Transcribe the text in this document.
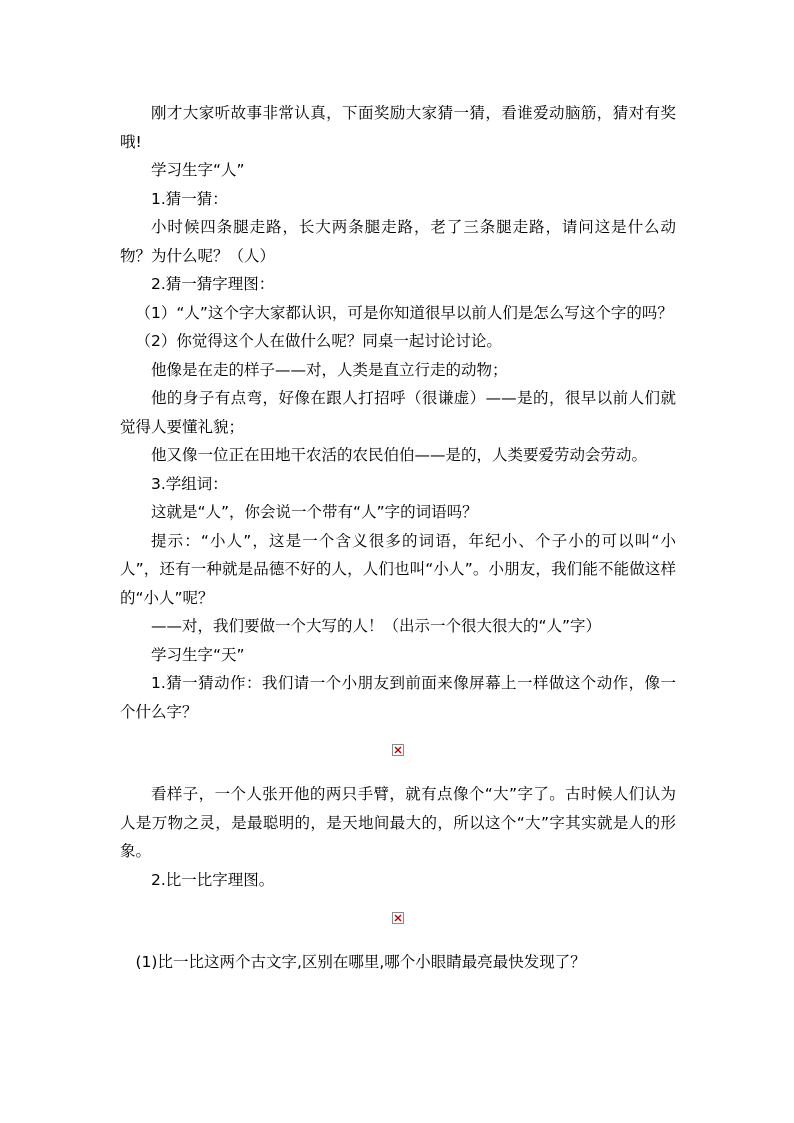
刚才大家听故事非常认真，下面奖励大家猜一猜，看谁爱动脑筋，猜对有奖哦!

学习生字“人”

1.猜一猜：

小时候四条腿走路，长大两条腿走路，老了三条腿走路，请问这是什么动物？为什么呢？（人）

2.猜一猜字理图：

（1）“人”这个字大家都认识，可是你知道很早以前人们是怎么写这个字的吗？

（2）你觉得这个人在做什么呢？同桌一起讨论讨论。

他像是在走的样子——对，人类是直立行走的动物；

他的身子有点弯，好像在跟人打招呼（很谦虚）——是的，很早以前人们就觉得人要懂礼貌；

他又像一位正在田地干农活的农民伯伯——是的，人类要爱劳动会劳动。

3.学组词：

这就是“人”，你会说一个带有“人”字的词语吗？

提示：“小人”，这是一个含义很多的词语，年纪小、个子小的可以叫“小人”，还有一种就是品德不好的人，人们也叫“小人”。小朋友，我们能不能做这样的“小人”呢？

——对，我们要做一个大写的人！（出示一个很大很大的“人”字）

学习生字“天”

1.猜一猜动作：我们请一个小朋友到前面来像屏幕上一样做这个动作，像一个什么字？

看样子，一个人张开他的两只手臂，就有点像个“大”字了。古时候人们认为人是万物之灵，是最聪明的，是天地间最大的，所以这个“大”字其实就是人的形象。

2.比一比字理图。

(1)比一比这两个古文字,区别在哪里,哪个小眼睛最亮最快发现了？
